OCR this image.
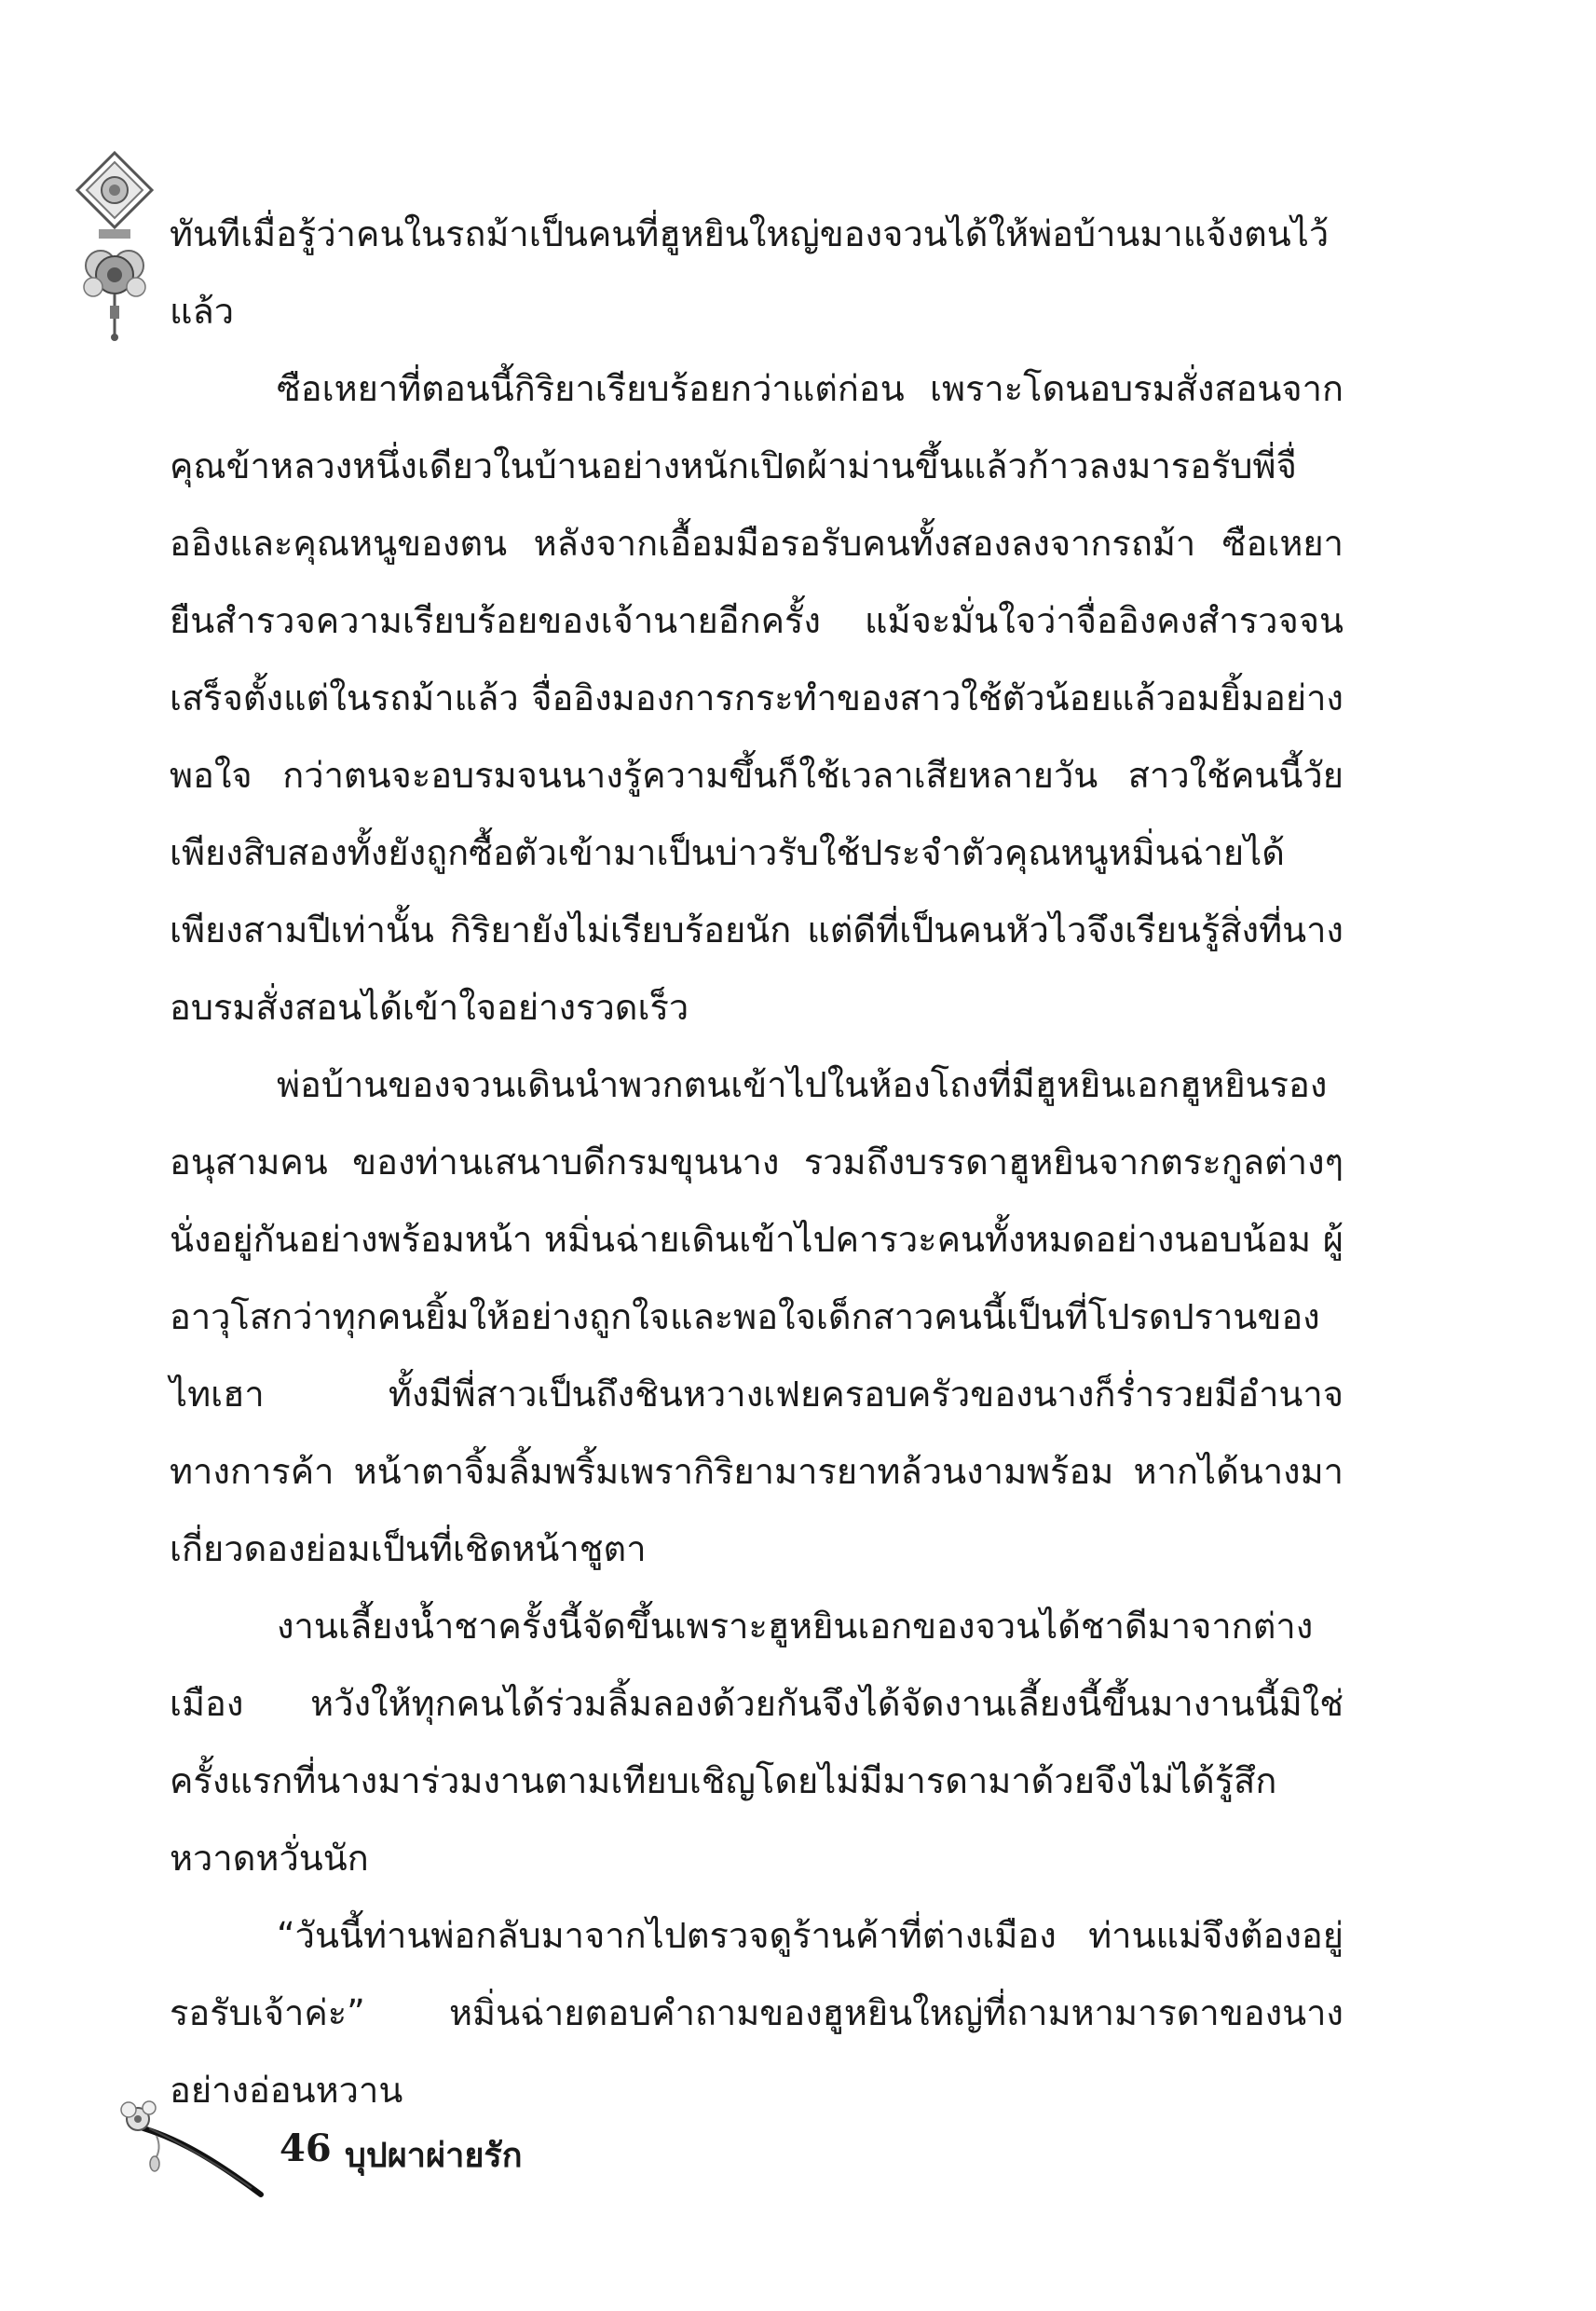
ทันทีเมื่อรู้ว่าคนในรถม้าเป็นคนที่ฮูหยินใหญ่ของจวนได้ให้พ่อบ้านมาแจ้งตนไว้แล้ว

ซือเหยาที่ตอนนี้กิริยาเรียบร้อยกว่าแต่ก่อน เพราะโดนอบรมสั่งสอนจากคุณข้าหลวงหนึ่งเดียวในบ้านอย่างหนักเปิดผ้าม่านขึ้นแล้วก้าวลงมารอรับพี่จื่ออิงและคุณหนูของตน หลังจากเอื้อมมือรอรับคนทั้งสองลงจากรถม้า ซือเหยายืนสำรวจความเรียบร้อยของเจ้านายอีกครั้ง แม้จะมั่นใจว่าจื่ออิงคงสำรวจจนเสร็จตั้งแต่ในรถม้าแล้ว จื่ออิงมองการกระทำของสาวใช้ตัวน้อยแล้วอมยิ้มอย่างพอใจ กว่าตนจะอบรมจนนางรู้ความขึ้นก็ใช้เวลาเสียหลายวัน สาวใช้คนนี้วัยเพียงสิบสองทั้งยังถูกซื้อตัวเข้ามาเป็นบ่าวรับใช้ประจำตัวคุณหนูหมิ่นฉ่ายได้เพียงสามปีเท่านั้น กิริยายังไม่เรียบร้อยนัก แต่ดีที่เป็นคนหัวไวจึงเรียนรู้สิ่งที่นางอบรมสั่งสอนได้เข้าใจอย่างรวดเร็ว

พ่อบ้านของจวนเดินนำพวกตนเข้าไปในห้องโถงที่มีฮูหยินเอกฮูหยินรอง อนุสามคน ของท่านเสนาบดีกรมขุนนาง รวมถึงบรรดาฮูหยินจากตระกูลต่างๆ นั่งอยู่กันอย่างพร้อมหน้า หมิ่นฉ่ายเดินเข้าไปคารวะคนทั้งหมดอย่างนอบน้อม ผู้อาวุโสกว่าทุกคนยิ้มให้อย่างถูกใจและพอใจเด็กสาวคนนี้เป็นที่โปรดปรานของไทเฮา ทั้งมีพี่สาวเป็นถึงชินหวางเฟยครอบครัวของนางก็ร่ำรวยมีอำนาจทางการค้า หน้าตาจิ้มลิ้มพริ้มเพรากิริยามารยาทล้วนงามพร้อม หากได้นางมาเกี่ยวดองย่อมเป็นที่เชิดหน้าชูตา

งานเลี้ยงน้ำชาครั้งนี้จัดขึ้นเพราะฮูหยินเอกของจวนได้ชาดีมาจากต่างเมือง หวังให้ทุกคนได้ร่วมลิ้มลองด้วยกันจึงได้จัดงานเลี้ยงนี้ขึ้นมางานนี้มิใช่ครั้งแรกที่นางมาร่วมงานตามเทียบเชิญโดยไม่มีมารดามาด้วยจึงไม่ได้รู้สึกหวาดหวั่นนัก

“วันนี้ท่านพ่อกลับมาจากไปตรวจดูร้านค้าที่ต่างเมือง ท่านแม่จึงต้องอยู่รอรับเจ้าค่ะ” หมิ่นฉ่ายตอบคำถามของฮูหยินใหญ่ที่ถามหามารดาของนางอย่างอ่อนหวาน

46 บุปผาผ่ายรัก
